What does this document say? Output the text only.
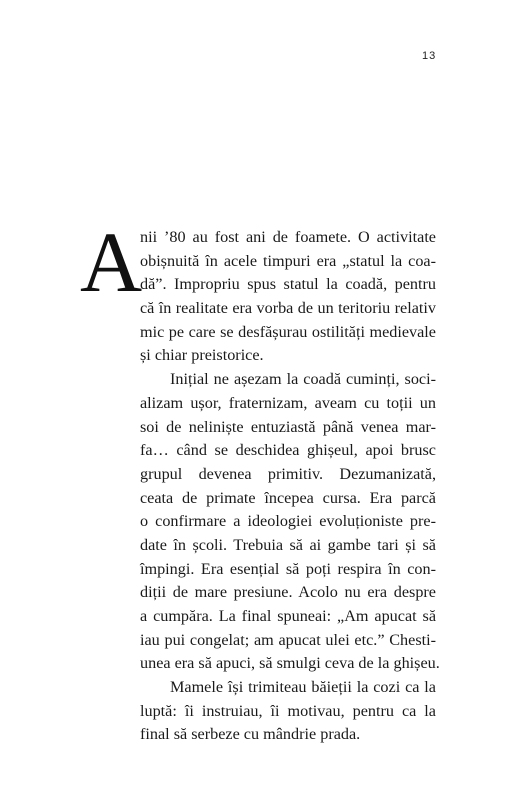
13
A
nii ’80 au fost ani de foamete. O activitate
obișnuită în acele timpuri era „statul la coa-
dă”. Impropriu spus statul la coadă, pentru
că în realitate era vorba de un teritoriu relativ
mic pe care se desfășurau ostilități medievale
și chiar preistorice.
Inițial ne așezam la coadă cuminți, soci-
alizam ușor, fraternizam, aveam cu toții un
soi de neliniște entuziastă până venea mar-
fa… când se deschidea ghișeul, apoi brusc
grupul devenea primitiv. Dezumanizată,
ceata de primate începea cursa. Era parcă
o confirmare a ideologiei evoluționiste pre-
date în școli. Trebuia să ai gambe tari și să
împingi. Era esențial să poți respira în con-
diții de mare presiune. Acolo nu era despre
a cumpăra. La final spuneai: „Am apucat să
iau pui congelat; am apucat ulei etc.” Chesti-
unea era să apuci, să smulgi ceva de la ghișeu.
Mamele își trimiteau băieții la cozi ca la
luptă: îi instruiau, îi motivau, pentru ca la
final să serbeze cu mândrie prada.
